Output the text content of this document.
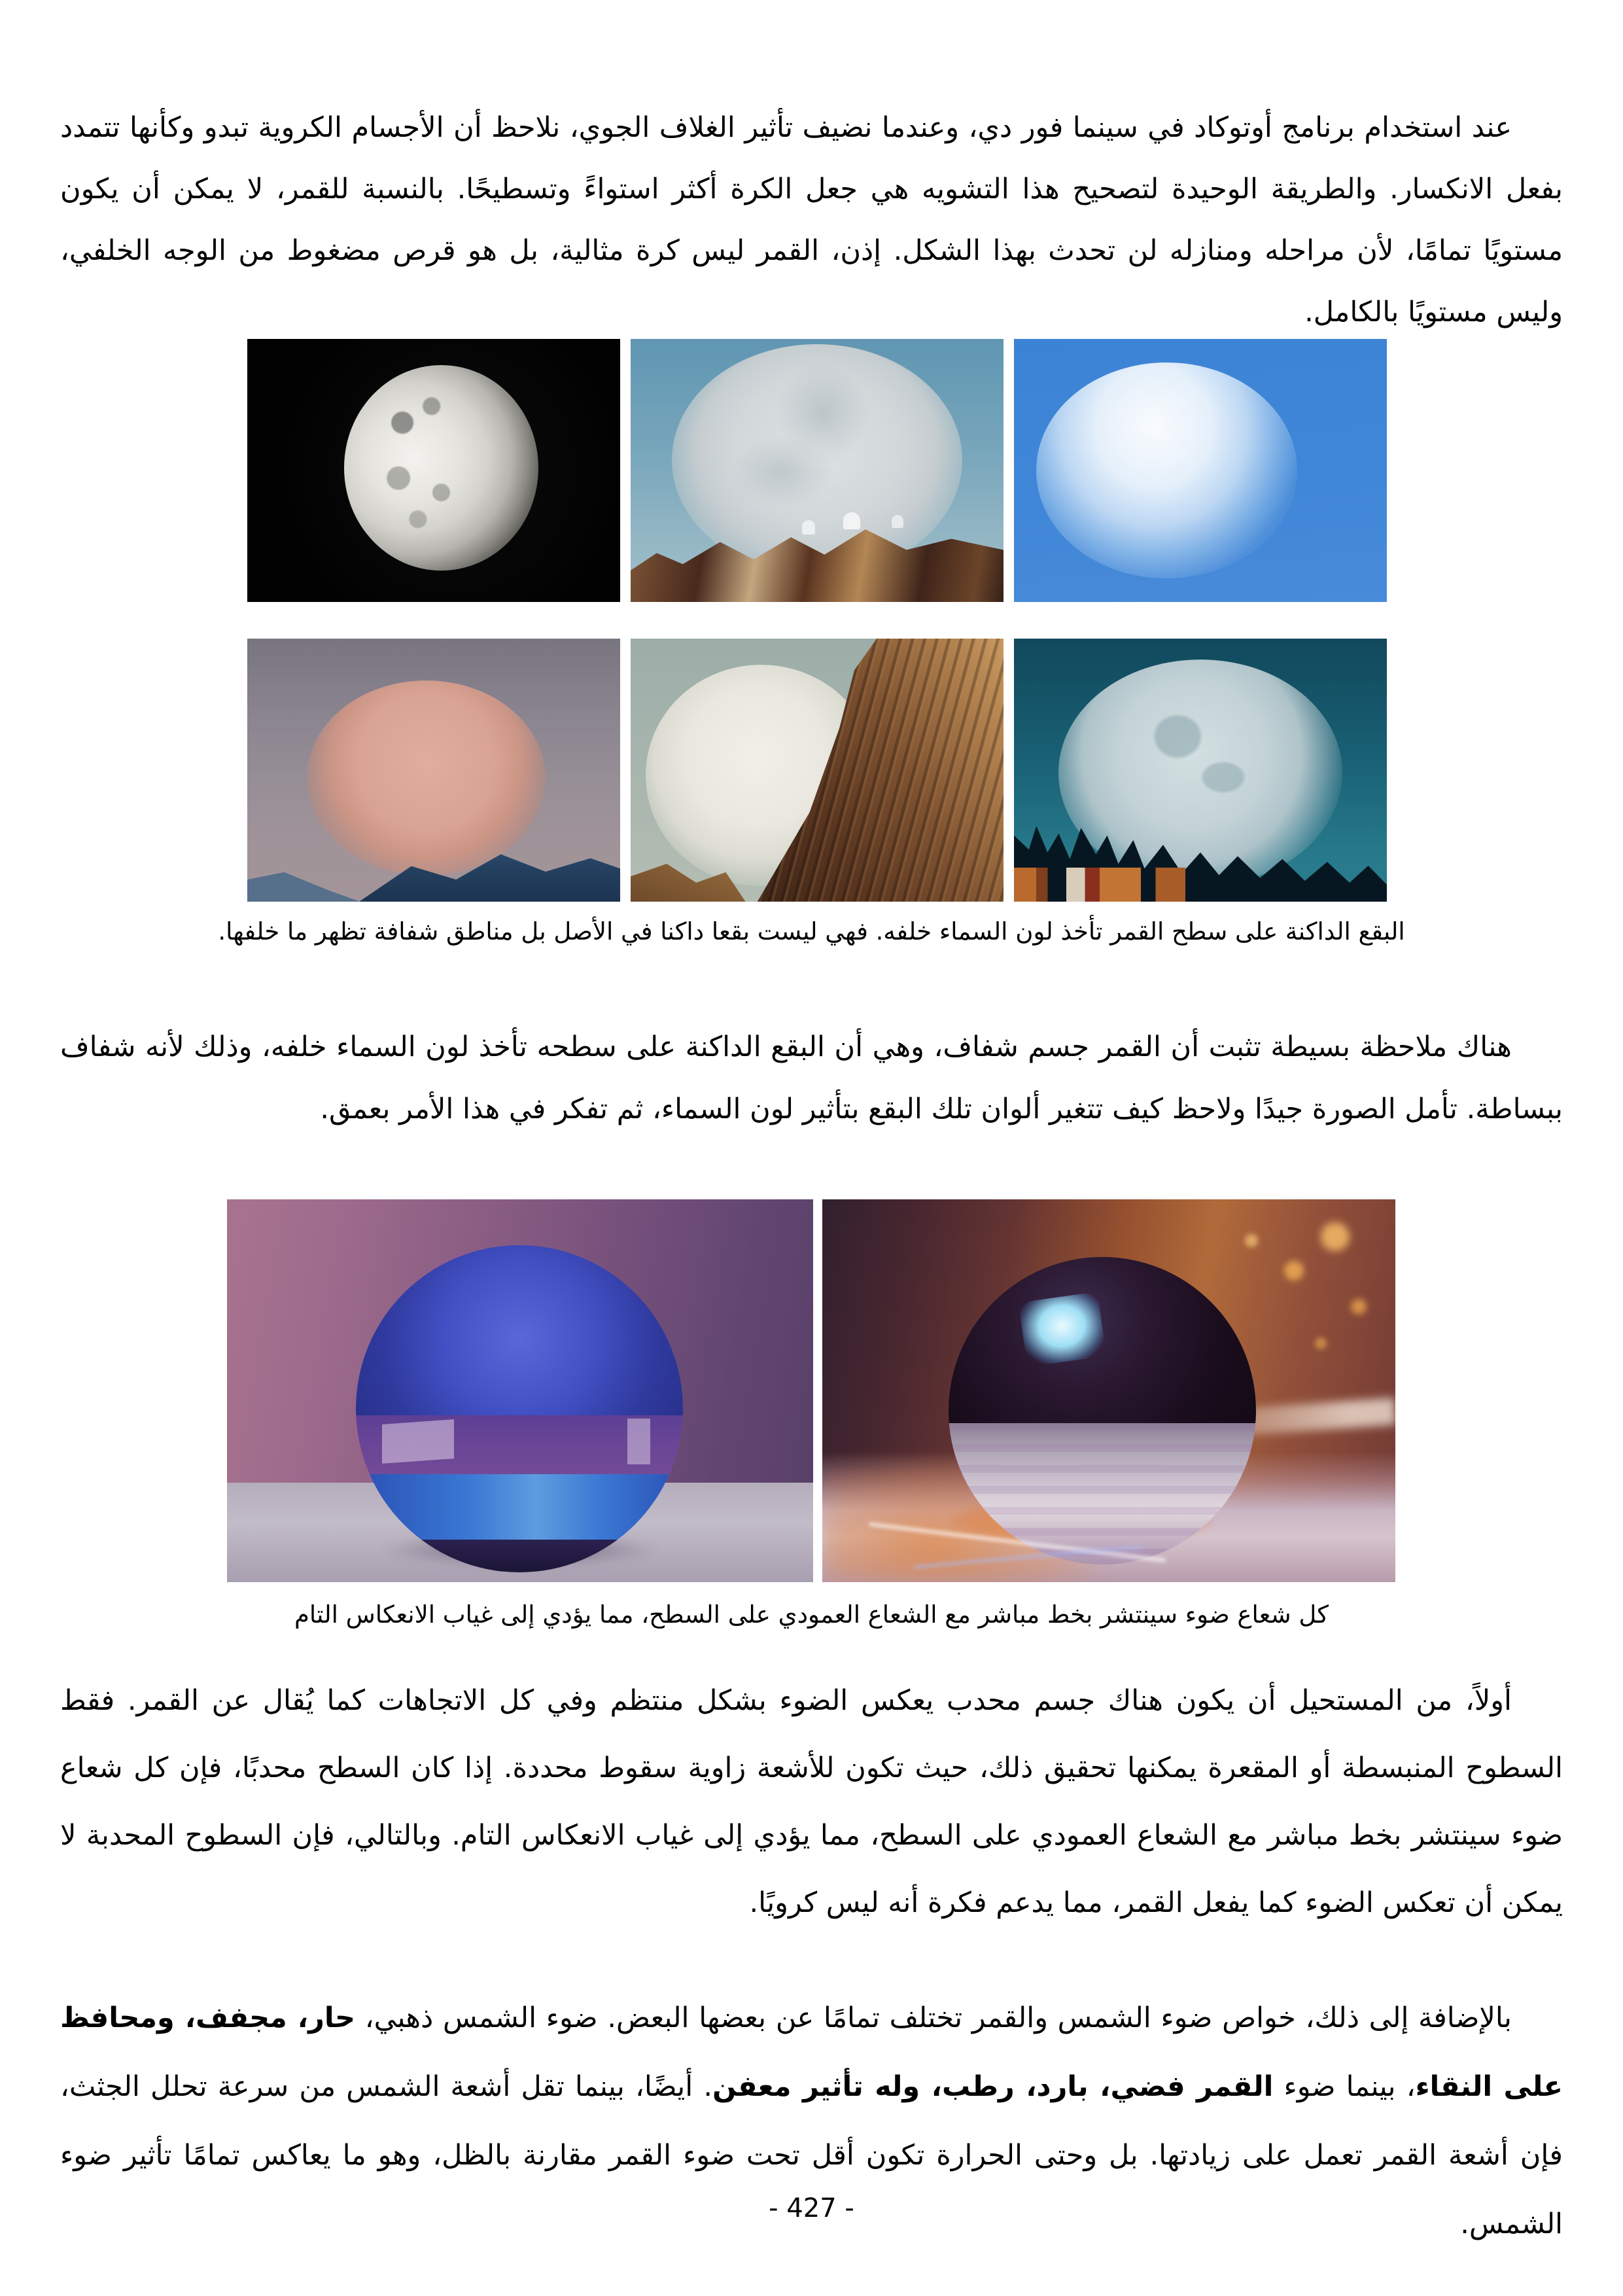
عند استخدام برنامج أوتوكاد في سينما فور دي، وعندما نضيف تأثير الغلاف الجوي، نلاحظ أن الأجسام الكروية تبدو وكأنها تتمدد بفعل الانكسار. والطريقة الوحيدة لتصحيح هذا التشويه هي جعل الكرة أكثر استواءً وتسطيحًا. بالنسبة للقمر، لا يمكن أن يكون مستويًا تمامًا، لأن مراحله ومنازله لن تحدث بهذا الشكل. إذن، القمر ليس كرة مثالية، بل هو قرص مضغوط من الوجه الخلفي، وليس مستويًا بالكامل.

البقع الداكنة على سطح القمر تأخذ لون السماء خلفه. فهي ليست بقعا داكنا في الأصل بل مناطق شفافة تظهر ما خلفها.

هناك ملاحظة بسيطة تثبت أن القمر جسم شفاف، وهي أن البقع الداكنة على سطحه تأخذ لون السماء خلفه، وذلك لأنه شفاف ببساطة. تأمل الصورة جيدًا ولاحظ كيف تتغير ألوان تلك البقع بتأثير لون السماء، ثم تفكر في هذا الأمر بعمق.

كل شعاع ضوء سينتشر بخط مباشر مع الشعاع العمودي على السطح، مما يؤدي إلى غياب الانعكاس التام

أولاً، من المستحيل أن يكون هناك جسم محدب يعكس الضوء بشكل منتظم وفي كل الاتجاهات كما يُقال عن القمر. فقط السطوح المنبسطة أو المقعرة يمكنها تحقيق ذلك، حيث تكون للأشعة زاوية سقوط محددة. إذا كان السطح محدبًا، فإن كل شعاع ضوء سينتشر بخط مباشر مع الشعاع العمودي على السطح، مما يؤدي إلى غياب الانعكاس التام. وبالتالي، فإن السطوح المحدبة لا يمكن أن تعكس الضوء كما يفعل القمر، مما يدعم فكرة أنه ليس كرويًا.

بالإضافة إلى ذلك، خواص ضوء الشمس والقمر تختلف تمامًا عن بعضها البعض. ضوء الشمس ذهبي، حار، مجفف، ومحافظ على النقاء، بينما ضوء القمر فضي، بارد، رطب، وله تأثير معفن. أيضًا، بينما تقل أشعة الشمس من سرعة تحلل الجثث، فإن أشعة القمر تعمل على زيادتها. بل وحتى الحرارة تكون أقل تحت ضوء القمر مقارنة بالظل، وهو ما يعاكس تمامًا تأثير ضوء الشمس.

- 427 -
